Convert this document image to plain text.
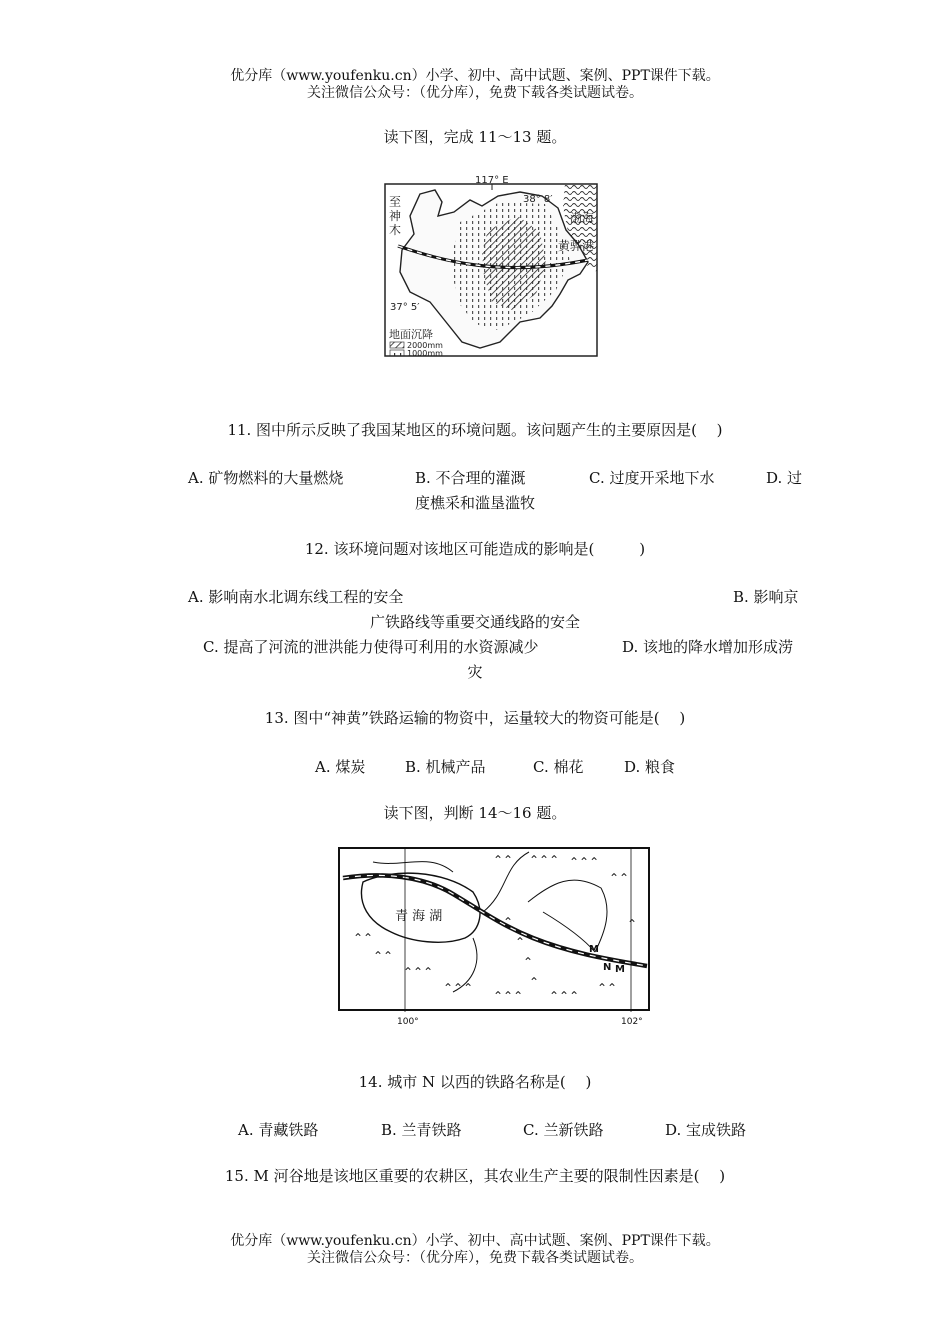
优分库（www.youfenku.cn）小学、初中、高中试题、案例、PPT课件下载。
关注微信公众号：（优分库），免费下载各类试题试卷。
读下图，完成 11～13 题。
117° E
38° 8′
37° 5′
至神木
渤海
黄骅港
地面沉降
2000mm
1000mm
11. 图中所示反映了我国某地区的环境问题。该问题产生的主要原因是(　 )
A. 矿物燃料的大量燃烧	B. 不合理的灌溉	C. 过度开采地下水	D. 过
度樵采和滥垦滥牧
12. 该环境问题对该地区可能造成的影响是(　　　)
A. 影响南水北调东线工程的安全	B. 影响京
广铁路线等重要交通线路的安全
C. 提高了河流的泄洪能力使得可利用的水资源减少	D. 该地的降水增加形成涝
灾
13. 图中“神黄”铁路运输的物资中，运量较大的物资可能是(　 )
A. 煤炭	B. 机械产品	C. 棉花	D. 粮食
读下图，判断 14～16 题。
⌃⌃ ⌃⌃⌃ ⌃⌃⌃
⌃⌃
⌃
⌃
⌃
⌃
⌃⌃
⌃⌃
⌃⌃⌃
⌃⌃⌃
⌃⌃⌃ ⌃⌃⌃
⌃⌃
⌃
青 海 湖
M
N M
100°	102°
14. 城市 N 以西的铁路名称是(　 )
A. 青藏铁路	B. 兰青铁路	C. 兰新铁路	D. 宝成铁路
15. M 河谷地是该地区重要的农耕区，其农业生产主要的限制性因素是(　 )
优分库（www.youfenku.cn）小学、初中、高中试题、案例、PPT课件下载。
关注微信公众号：（优分库），免费下载各类试题试卷。
